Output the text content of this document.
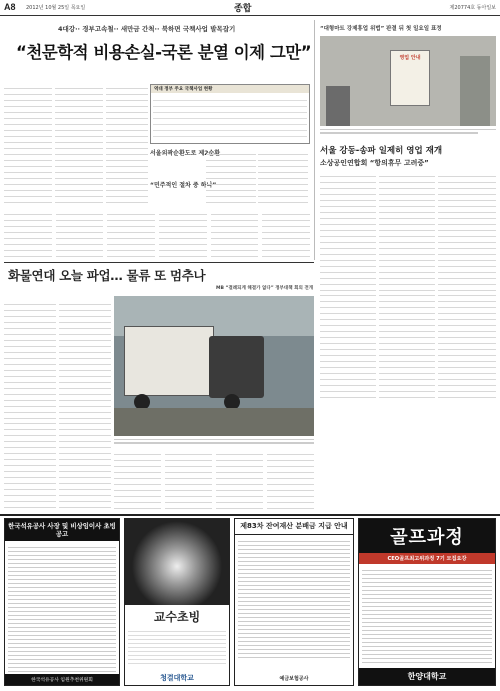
A8 2012년 10월 25일 목요일	종합	제20774호 동아일보
4대강·· 경부고속철·· 새만금 간척·· 북하면 국책사업 발목잡기
“천문학적 비용손실-국론 분열 이제 그만”
역대 정부 주요 국책사업 현황
서울외곽순환도로 제2순환
“민주적인 절차 중 하나”
“대형마트 강제휴업 위법” 판결 뒤 첫 일요일 표정
영업 안내
서울 강동-송파 일제히 영업 재개
소상공인연합회 “항의휴무 고려중”
화물연대 오늘 파업… 물류 또 멈추나
MB “결례되게 해결가 없다” 정부대책 회의 전개
한국석유공사 사장 및 비상임이사 초빙 공고
한국석유공사 임원추천위원회
교수초빙
청결대학교
제83차 잔여재산 분배금 지급 안내
예금보험공사
골프과정
CEO골프최고위과정 7기 모집요강
한양대학교
